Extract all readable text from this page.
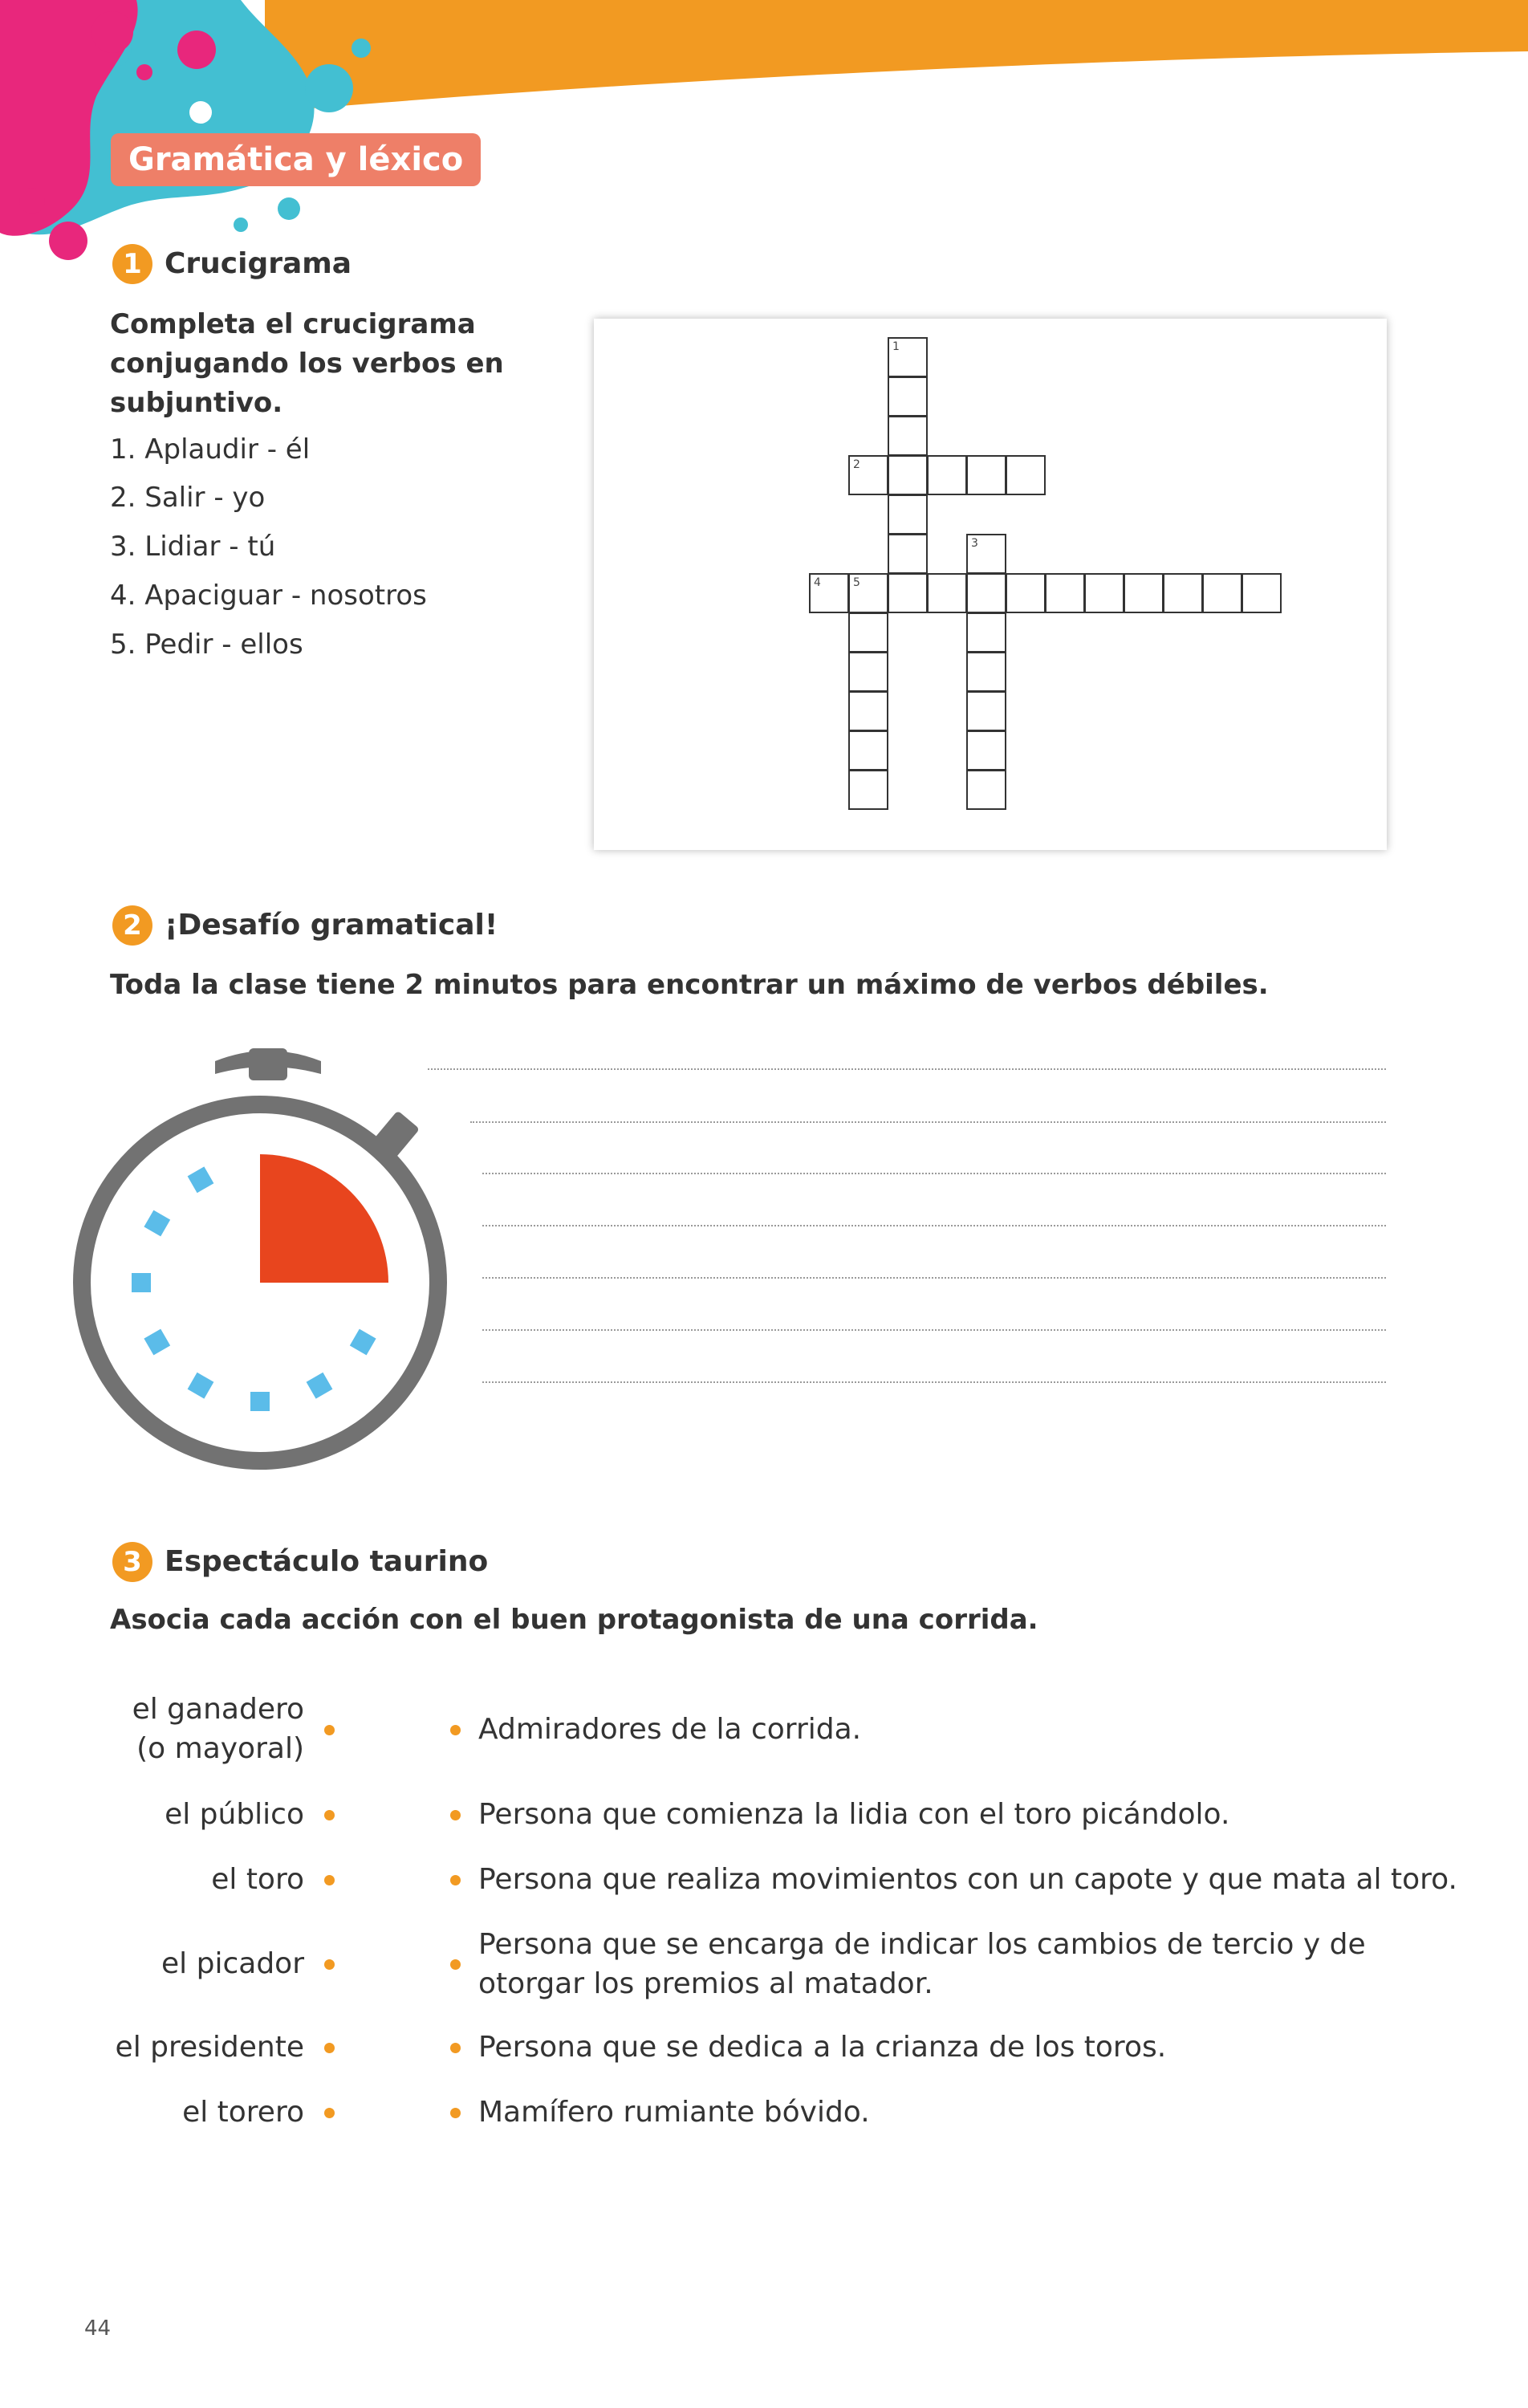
Gramática y léxico
1 Crucigrama
Completa el crucigrama
conjugando los verbos en
subjuntivo.
1. Aplaudir - él
2. Salir - yo
3. Lidiar - tú
4. Apaciguar - nosotros
5. Pedir - ellos
1
2
3
4	5
2 ¡Desafío gramatical!
Toda la clase tiene 2 minutos para encontrar un máximo de verbos débiles.
3 Espectáculo taurino
Asocia cada acción con el buen protagonista de una corrida.
el ganadero
(o mayoral)
el público
el toro
el picador
el presidente
el torero
Admiradores de la corrida.
Persona que comienza la lidia con el toro picándolo.
Persona que realiza movimientos con un capote y que mata al toro.
Persona que se encarga de indicar los cambios de tercio y de
otorgar los premios al matador.
Persona que se dedica a la crianza de los toros.
Mamífero rumiante bóvido.
44
